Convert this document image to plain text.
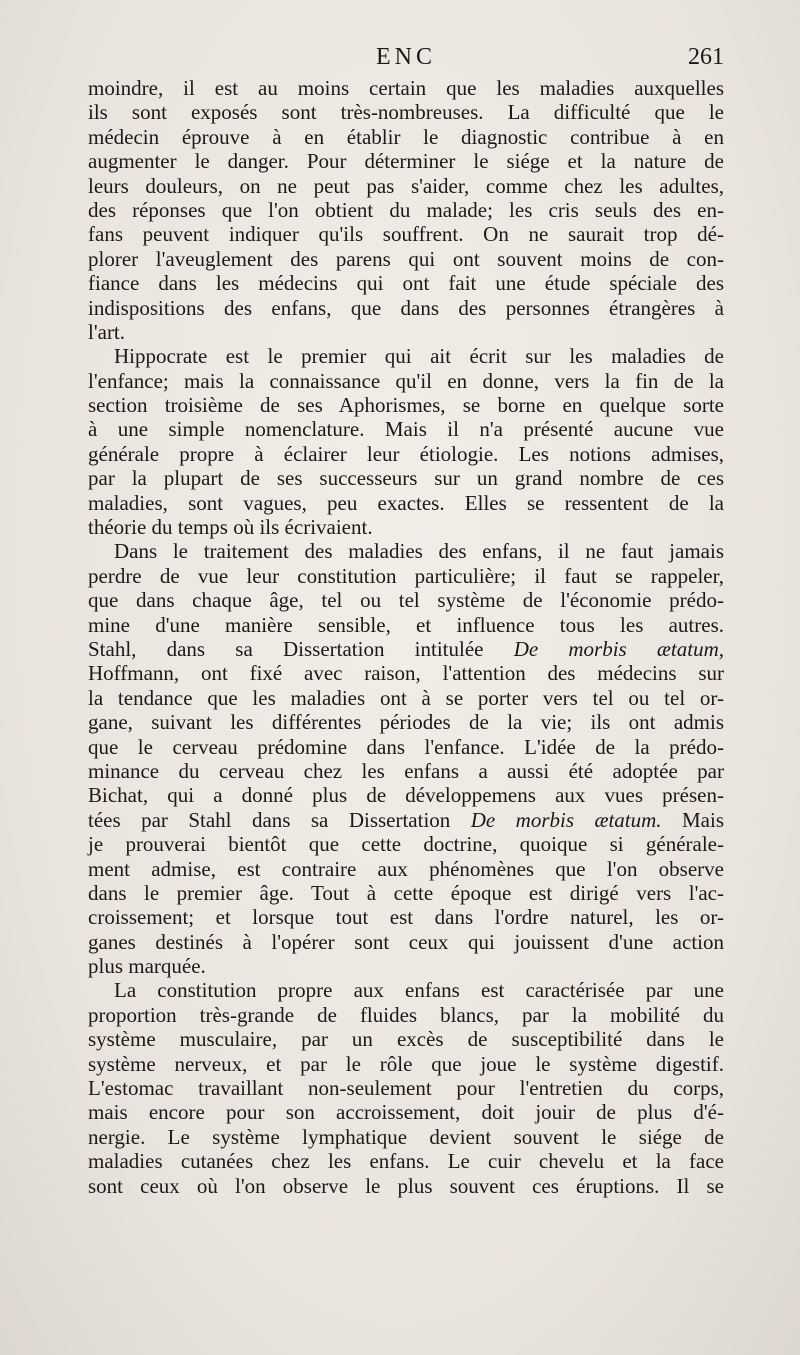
ENC	261
moindre, il est au moins certain que les maladies auxquelles
ils sont exposés sont très-nombreuses. La difficulté que le
médecin éprouve à en établir le diagnostic contribue à en
augmenter le danger. Pour déterminer le siége et la nature de
leurs douleurs, on ne peut pas s'aider, comme chez les adultes,
des réponses que l'on obtient du malade; les cris seuls des en-
fans peuvent indiquer qu'ils souffrent. On ne saurait trop dé-
plorer l'aveuglement des parens qui ont souvent moins de con-
fiance dans les médecins qui ont fait une étude spéciale des
indispositions des enfans, que dans des personnes étrangères à
l'art.
Hippocrate est le premier qui ait écrit sur les maladies de
l'enfance; mais la connaissance qu'il en donne, vers la fin de la
section troisième de ses Aphorismes, se borne en quelque sorte
à une simple nomenclature. Mais il n'a présenté aucune vue
générale propre à éclairer leur étiologie. Les notions admises,
par la plupart de ses successeurs sur un grand nombre de ces
maladies, sont vagues, peu exactes. Elles se ressentent de la
théorie du temps où ils écrivaient.
Dans le traitement des maladies des enfans, il ne faut jamais
perdre de vue leur constitution particulière; il faut se rappeler,
que dans chaque âge, tel ou tel système de l'économie prédo-
mine d'une manière sensible, et influence tous les autres.
Stahl, dans sa Dissertation intitulée De morbis ætatum,
Hoffmann, ont fixé avec raison, l'attention des médecins sur
la tendance que les maladies ont à se porter vers tel ou tel or-
gane, suivant les différentes périodes de la vie; ils ont admis
que le cerveau prédomine dans l'enfance. L'idée de la prédo-
minance du cerveau chez les enfans a aussi été adoptée par
Bichat, qui a donné plus de développemens aux vues présen-
tées par Stahl dans sa Dissertation De morbis ætatum. Mais
je prouverai bientôt que cette doctrine, quoique si générale-
ment admise, est contraire aux phénomènes que l'on observe
dans le premier âge. Tout à cette époque est dirigé vers l'ac-
croissement; et lorsque tout est dans l'ordre naturel, les or-
ganes destinés à l'opérer sont ceux qui jouissent d'une action
plus marquée.
La constitution propre aux enfans est caractérisée par une
proportion très-grande de fluides blancs, par la mobilité du
système musculaire, par un excès de susceptibilité dans le
système nerveux, et par le rôle que joue le système digestif.
L'estomac travaillant non-seulement pour l'entretien du corps,
mais encore pour son accroissement, doit jouir de plus d'é-
nergie. Le système lymphatique devient souvent le siége de
maladies cutanées chez les enfans. Le cuir chevelu et la face
sont ceux où l'on observe le plus souvent ces éruptions. Il se
